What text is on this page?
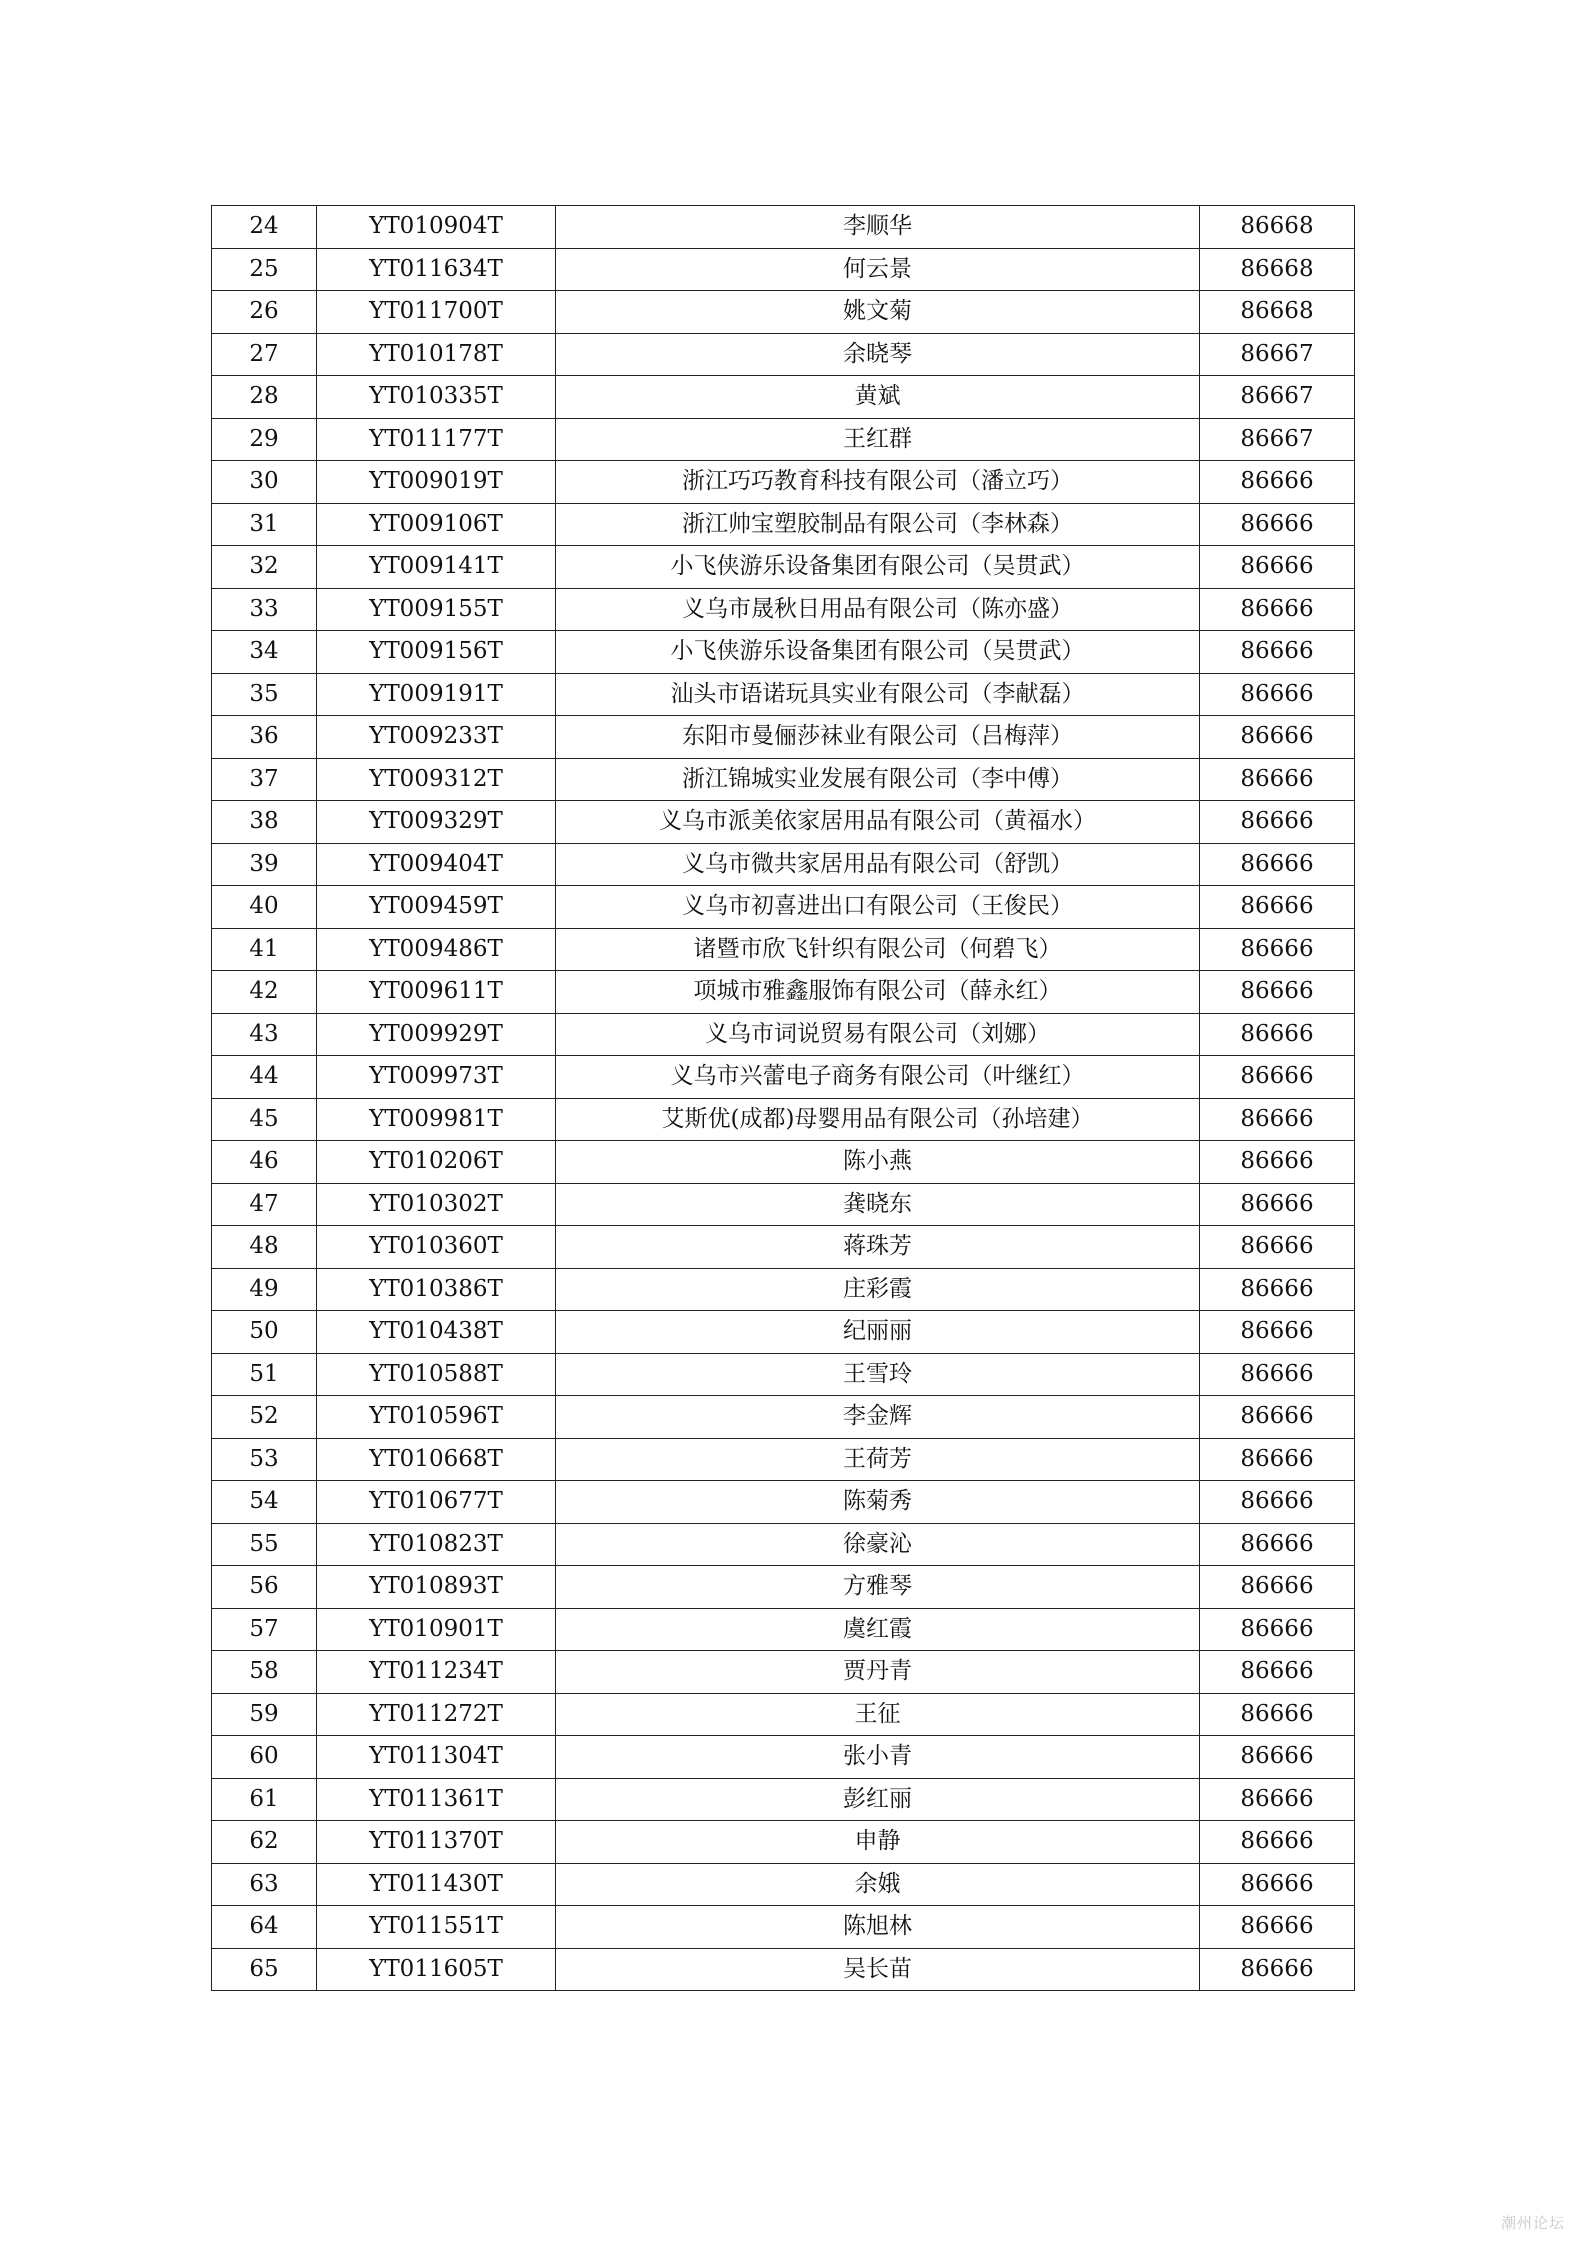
24	YT010904T	李顺华	86668
25	YT011634T	何云景	86668
26	YT011700T	姚文菊	86668
27	YT010178T	余晓琴	86667
28	YT010335T	黄斌	86667
29	YT011177T	王红群	86667
30	YT009019T	浙江巧巧教育科技有限公司（潘立巧）	86666
31	YT009106T	浙江帅宝塑胶制品有限公司（李林森）	86666
32	YT009141T	小飞侠游乐设备集团有限公司（吴贯武）	86666
33	YT009155T	义乌市晟秋日用品有限公司（陈亦盛）	86666
34	YT009156T	小飞侠游乐设备集团有限公司（吴贯武）	86666
35	YT009191T	汕头市语诺玩具实业有限公司（李献磊）	86666
36	YT009233T	东阳市曼俪莎袜业有限公司（吕梅萍）	86666
37	YT009312T	浙江锦城实业发展有限公司（李中傅）	86666
38	YT009329T	义乌市派美依家居用品有限公司（黄福水）	86666
39	YT009404T	义乌市微共家居用品有限公司（舒凯）	86666
40	YT009459T	义乌市初喜进出口有限公司（王俊民）	86666
41	YT009486T	诸暨市欣飞针织有限公司（何碧飞）	86666
42	YT009611T	项城市雅鑫服饰有限公司（薛永红）	86666
43	YT009929T	义乌市词说贸易有限公司（刘娜）	86666
44	YT009973T	义乌市兴蕾电子商务有限公司（叶继红）	86666
45	YT009981T	艾斯优(成都)母婴用品有限公司（孙培建）	86666
46	YT010206T	陈小燕	86666
47	YT010302T	龚晓东	86666
48	YT010360T	蒋珠芳	86666
49	YT010386T	庄彩霞	86666
50	YT010438T	纪丽丽	86666
51	YT010588T	王雪玲	86666
52	YT010596T	李金辉	86666
53	YT010668T	王荷芳	86666
54	YT010677T	陈菊秀	86666
55	YT010823T	徐豪沁	86666
56	YT010893T	方雅琴	86666
57	YT010901T	虞红霞	86666
58	YT011234T	贾丹青	86666
59	YT011272T	王征	86666
60	YT011304T	张小青	86666
61	YT011361T	彭红丽	86666
62	YT011370T	申静	86666
63	YT011430T	余娥	86666
64	YT011551T	陈旭林	86666
65	YT011605T	吴长苗	86666
潮州论坛
